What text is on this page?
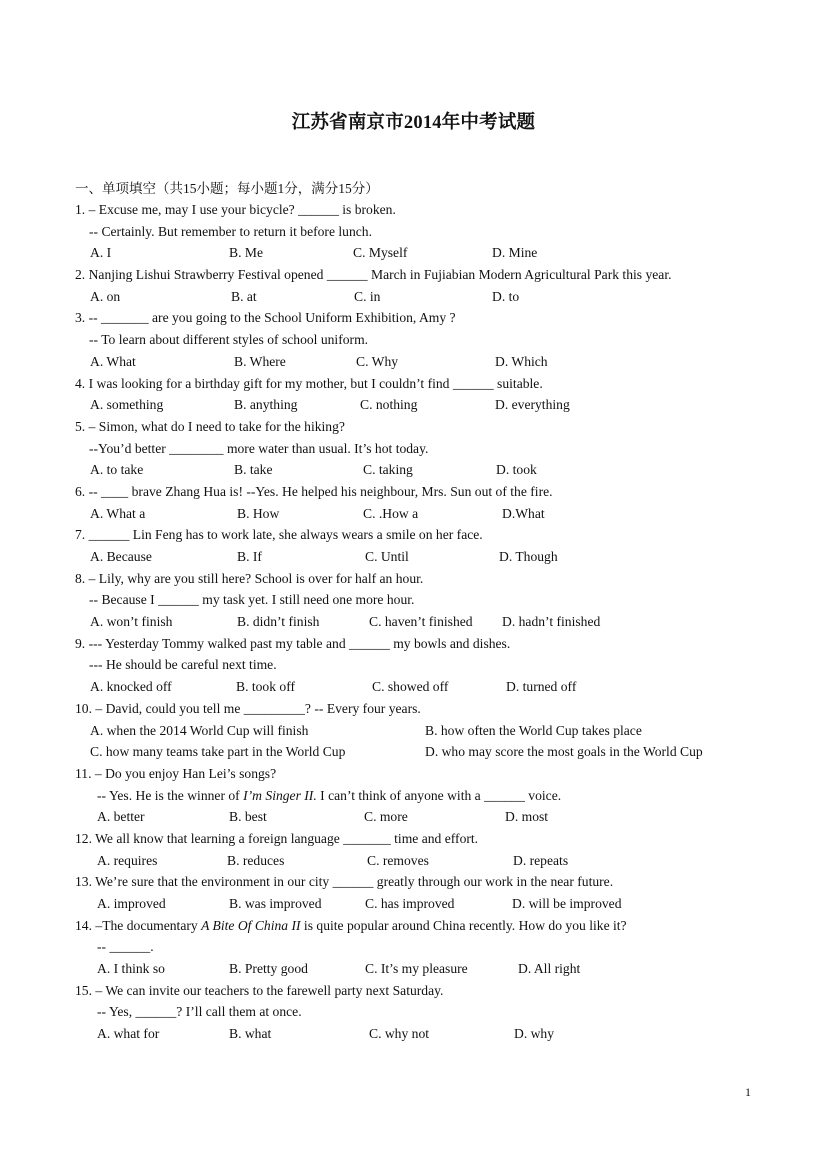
江苏省南京市2014年中考试题
一、单项填空（共15小题；每小题1分，满分15分）
1. – Excuse me, may I use your bicycle? ______ is broken.
-- Certainly. But remember to return it before lunch.
A. I	B. Me	C. Myself	D. Mine
2. Nanjing Lishui Strawberry Festival opened ______ March in Fujiabian Modern Agricultural Park this year.
A. on	B. at	C. in	D. to
3. -- _______ are you going to the School Uniform Exhibition, Amy ?
-- To learn about different styles of school uniform.
A. What	B. Where	C. Why	D. Which
4. I was looking for a birthday gift for my mother, but I couldn’t find ______ suitable.
A. something	B. anything	C. nothing	D. everything
5. – Simon, what do I need to take for the hiking?
--You’d better ________ more water than usual. It’s hot today.
A. to take	B. take	C. taking	D. took
6. -- ____ brave Zhang Hua is! --Yes. He helped his neighbour, Mrs. Sun out of the fire.
A. What a	B. How	C. .How a	D.What
7. ______ Lin Feng has to work late, she always wears a smile on her face.
A. Because	B. If	C. Until	D. Though
8. – Lily, why are you still here? School is over for half an hour.
-- Because I ______ my task yet. I still need one more hour.
A. won’t finish	B. didn’t finish	C. haven’t finished D. hadn’t finished
9. --- Yesterday Tommy walked past my table and ______ my bowls and dishes.
--- He should be careful next time.
A. knocked off	B. took off	C. showed off	D. turned off
10. – David, could you tell me _________? -- Every four years.
A. when the 2014 World Cup will finish	B. how often the World Cup takes place
C. how many teams take part in the World Cup	D. who may score the most goals in the World Cup
11. – Do you enjoy Han Lei’s songs?
-- Yes. He is the winner of I’m Singer II. I can’t think of anyone with a ______ voice.
A. better	B. best	C. more	D. most
12. We all know that learning a foreign language _______ time and effort.
A. requires	B. reduces	C. removes	D. repeats
13. We’re sure that the environment in our city ______ greatly through our work in the near future.
A. improved	B. was improved	C. has improved	D. will be improved
14. –The documentary A Bite Of China II is quite popular around China recently. How do you like it?
-- ______.
A. I think so	B. Pretty good	C. It’s my pleasure	D. All right
15. – We can invite our teachers to the farewell party next Saturday.
-- Yes, ______? I’ll call them at once.
A. what for	B. what	C. why not	D. why
1
